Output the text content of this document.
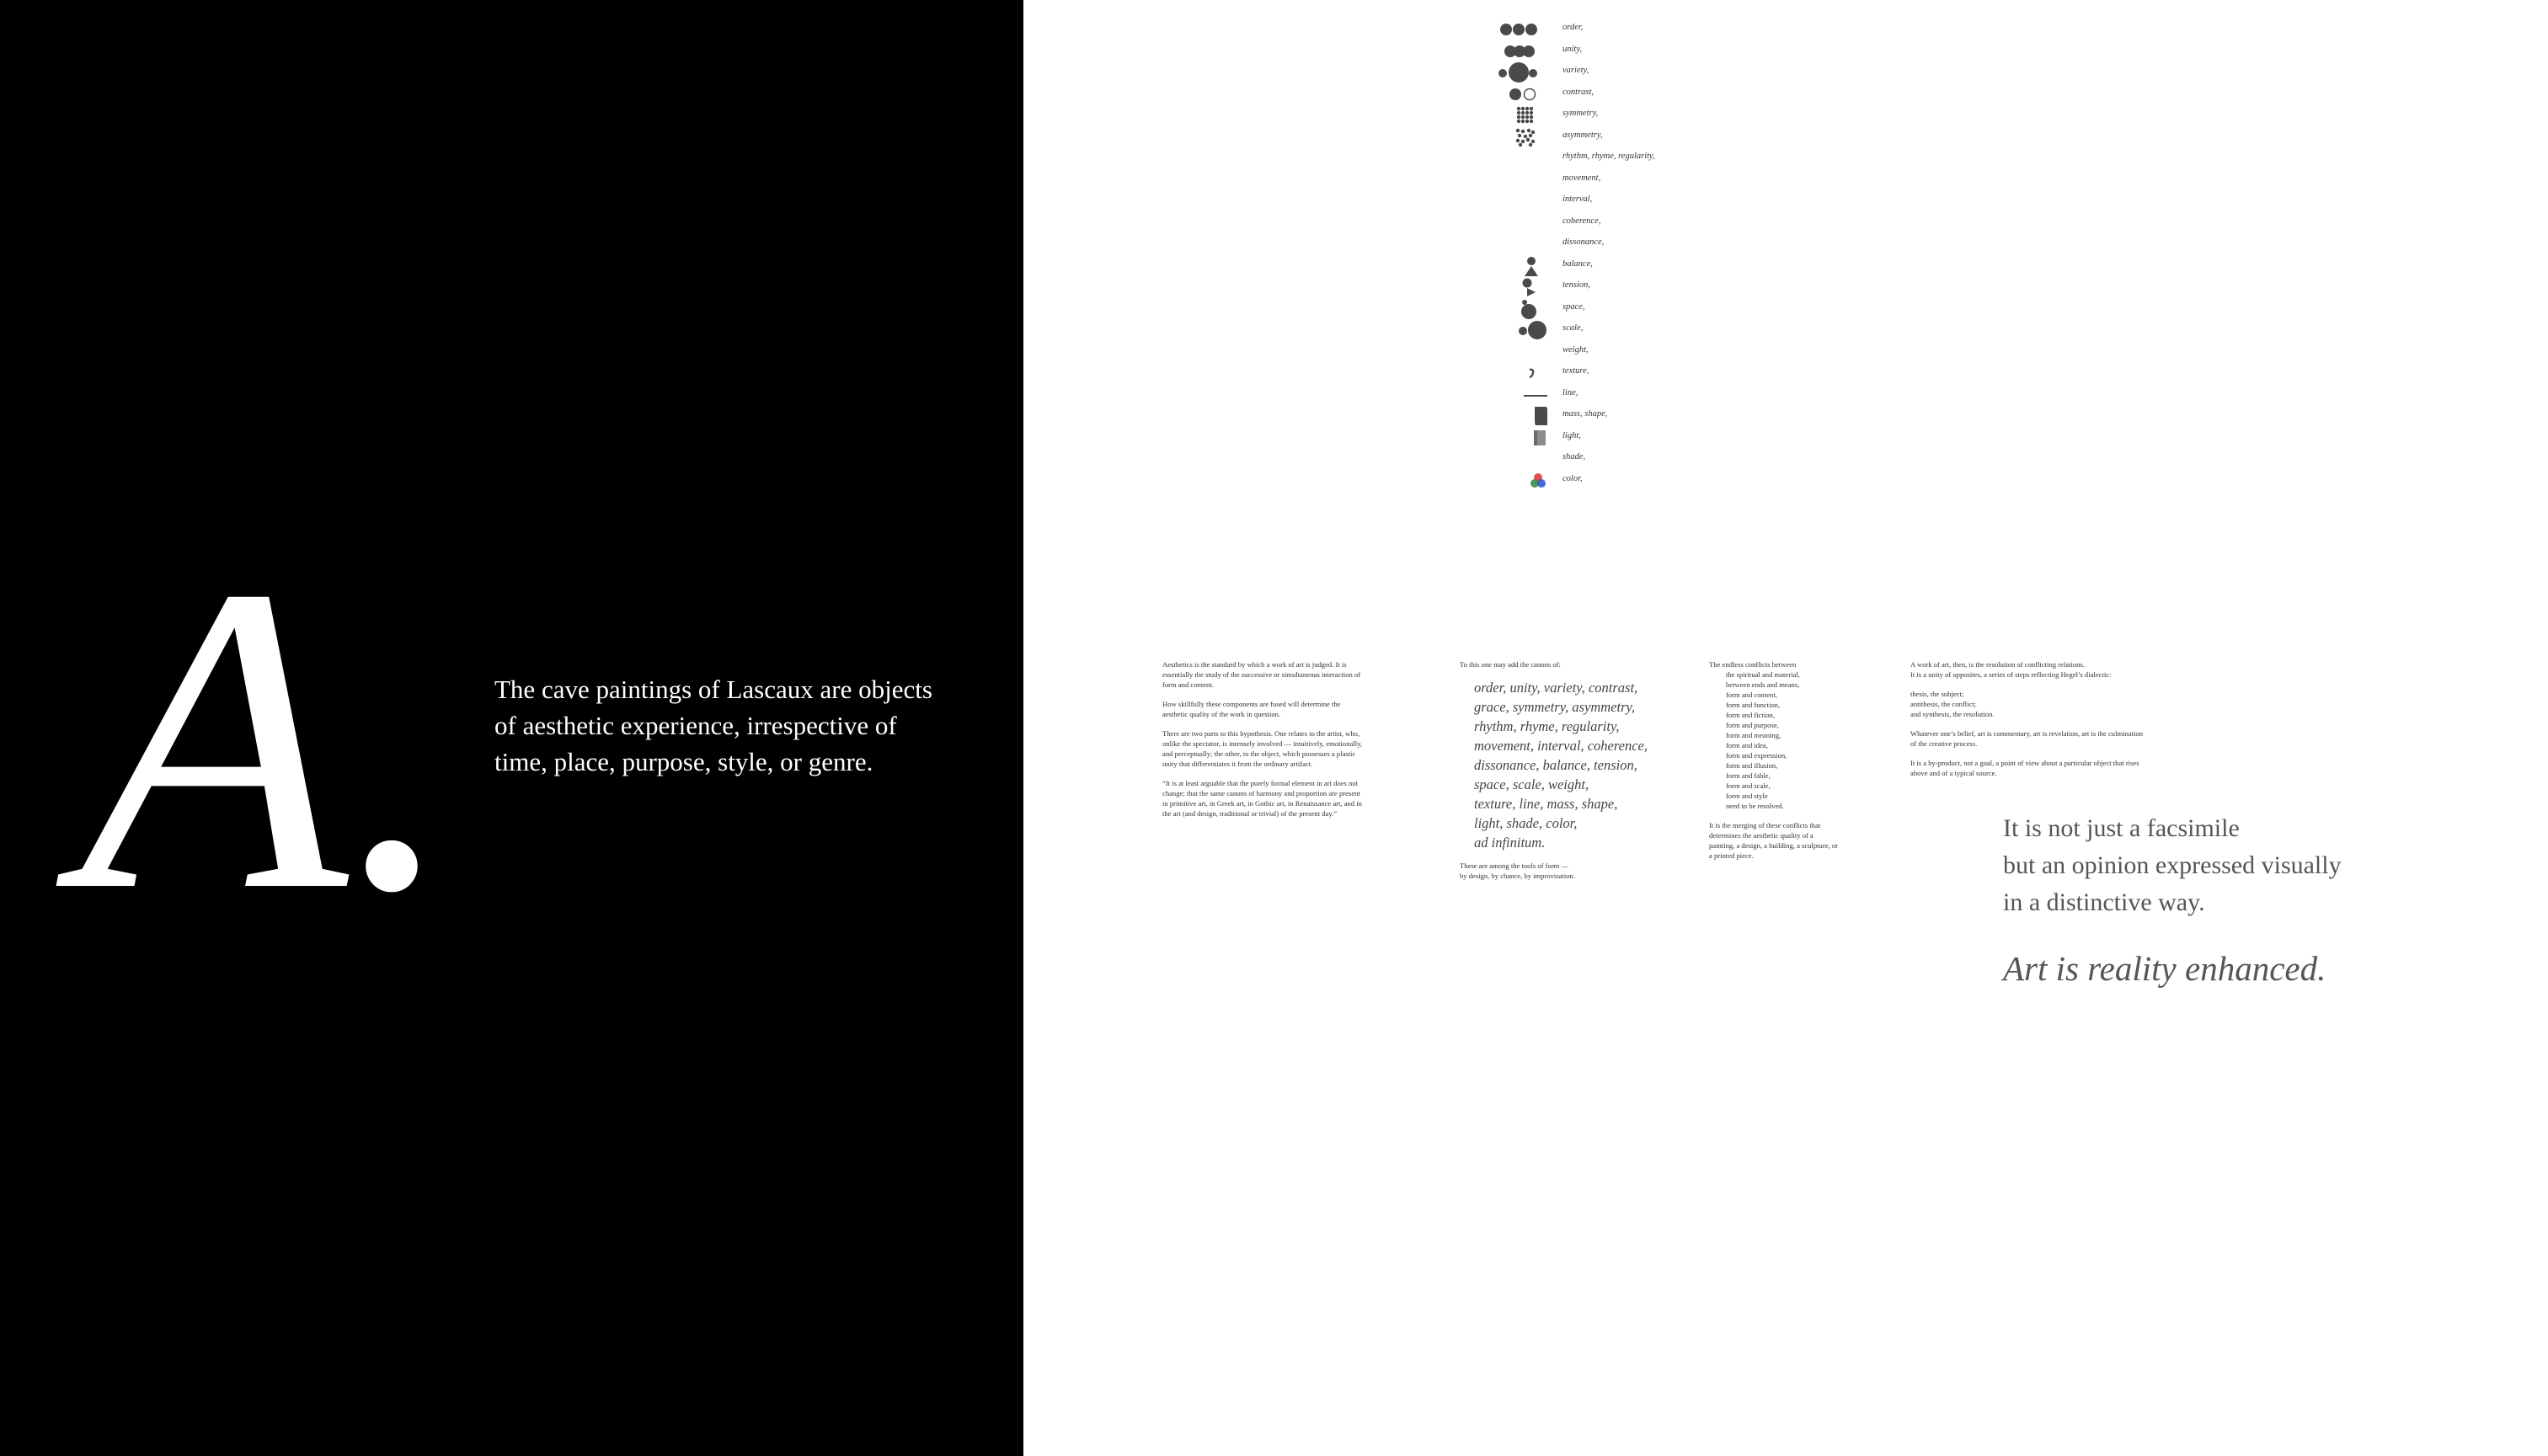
A. The cave paintings of Lascaux are objects
of aesthetic experience, irrespective of
time, place, purpose, style, or genre.
order,
unity,
variety,
contrast,
symmetry,
asymmetry,
rhythm, rhyme, regularity,
movement,
interval,
coherence,
dissonance,
balance,
tension,
space,
scale,
weight,
texture,
line,
mass, shape,
light,
shade,
color,

Aesthetics is the standard by which a work of art is judged. It is
essentially the study of the successive or simultaneous interaction of
form and content.

How skillfully these components are fused will determine the
aesthetic quality of the work in question.

There are two parts to this hypothesis. One relates to the artist, who,
unlike the spectator, is intensely involved — intuitively, emotionally,
and perceptually; the other, to the object, which possesses a plastic
unity that differentiates it from the ordinary artifact.

“It is at least arguable that the purely formal element in art does not
change; that the same canons of harmony and proportion are present
in primitive art, in Greek art, in Gothic art, in Renaissance art, and in
the art (and design, traditional or trivial) of the present day.”

To this one may add the canons of:
order, unity, variety, contrast,
grace, symmetry, asymmetry,
rhythm, rhyme, regularity,
movement, interval, coherence,
dissonance, balance, tension,
space, scale, weight,
texture, line, mass, shape,
light, shade, color,
ad infinitum.
These are among the tools of form —
by design, by chance, by improvisation.

The endless conflicts between
the spiritual and material,
between ends and means,
form and content,
form and function,
form and fiction,
form and purpose,
form and meaning,
form and idea,
form and expression,
form and illusion,
form and fable,
form and scale,
form and style
need to be resolved.

It is the merging of these conflicts that
determines the aesthetic quality of a
painting, a design, a building, a sculpture, or
a printed piece.

A work of art, then, is the resolution of conflicting relations.
It is a unity of opposites, a series of steps reflecting Hegel’s dialectic:

thesis, the subject;
antithesis, the conflict;
and synthesis, the resolution.

Whatever one’s belief, art is commentary, art is revelation, art is the culmination
of the creative process.

It is a by-product, not a goal, a point of view about a particular object that rises
above and of a typical source.

It is not just a facsimile
but an opinion expressed visually
in a distinctive way.
Art is reality enhanced.
